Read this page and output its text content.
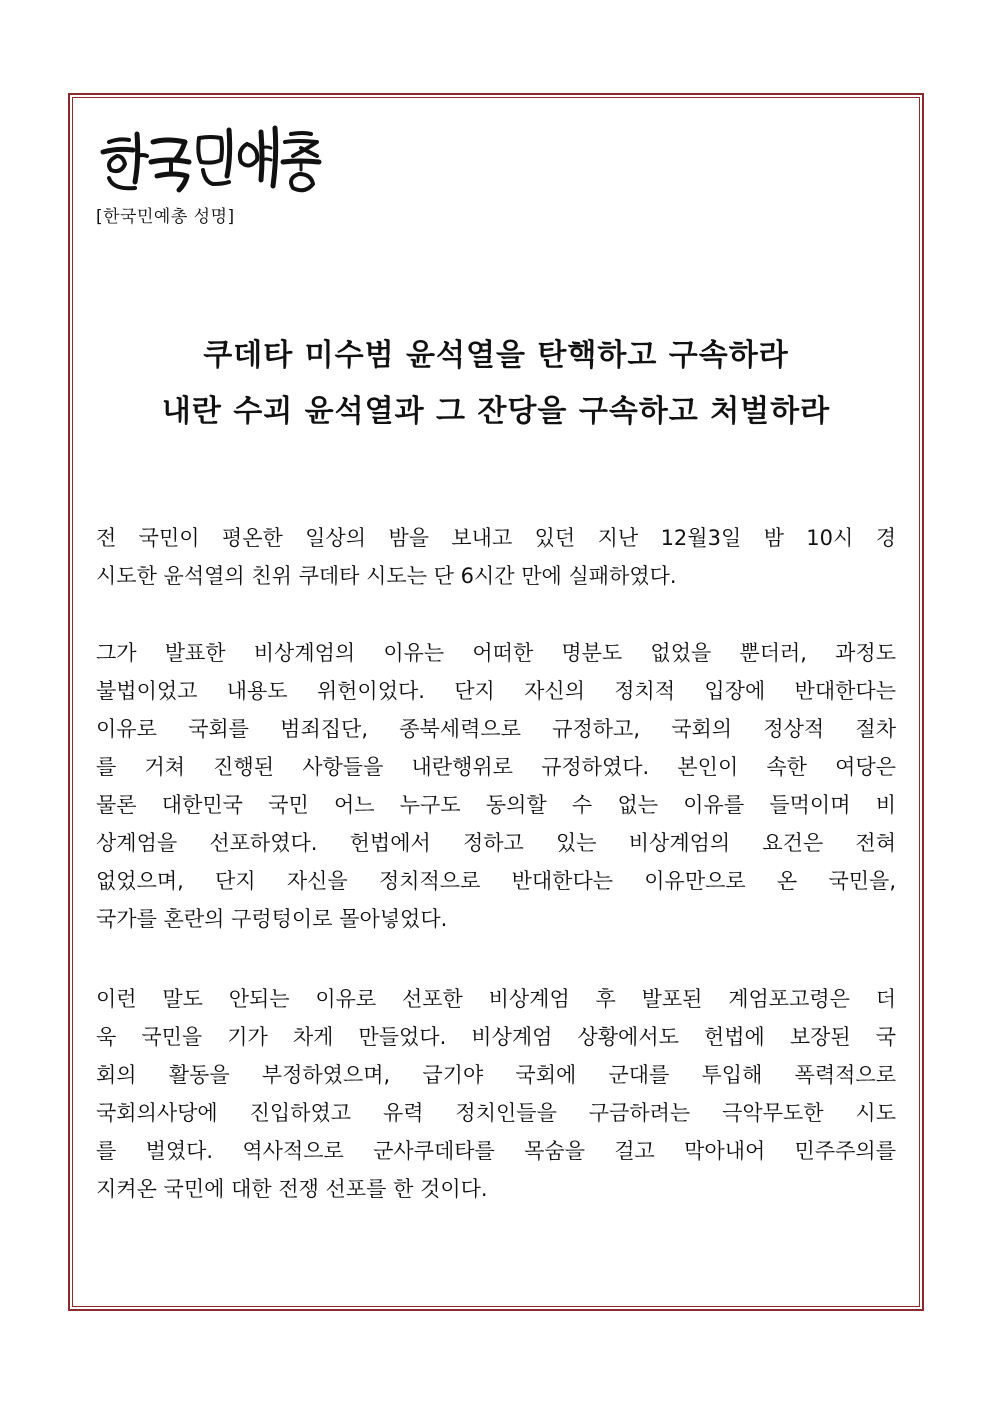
[한국민예총 성명]
쿠데타 미수범 윤석열을 탄핵하고 구속하라
내란 수괴 윤석열과 그 잔당을 구속하고 처벌하라
전 국민이 평온한 일상의 밤을 보내고 있던 지난 12월3일 밤 10시 경
시도한 윤석열의 친위 쿠데타 시도는 단 6시간 만에 실패하였다.
그가 발표한 비상계엄의 이유는 어떠한 명분도 없었을 뿐더러, 과정도
불법이었고 내용도 위헌이었다. 단지 자신의 정치적 입장에 반대한다는
이유로 국회를 범죄집단, 종북세력으로 규정하고, 국회의 정상적 절차
를 거쳐 진행된 사항들을 내란행위로 규정하였다. 본인이 속한 여당은
물론 대한민국 국민 어느 누구도 동의할 수 없는 이유를 들먹이며 비
상계엄을 선포하였다. 헌법에서 정하고 있는 비상계엄의 요건은 전혀
없었으며, 단지 자신을 정치적으로 반대한다는 이유만으로 온 국민을,
국가를 혼란의 구렁텅이로 몰아넣었다.
이런 말도 안되는 이유로 선포한 비상계엄 후 발포된 계엄포고령은 더
욱 국민을 기가 차게 만들었다. 비상계엄 상황에서도 헌법에 보장된 국
회의 활동을 부정하였으며, 급기야 국회에 군대를 투입해 폭력적으로
국회의사당에 진입하였고 유력 정치인들을 구금하려는 극악무도한 시도
를 벌였다. 역사적으로 군사쿠데타를 목숨을 걸고 막아내어 민주주의를
지켜온 국민에 대한 전쟁 선포를 한 것이다.
